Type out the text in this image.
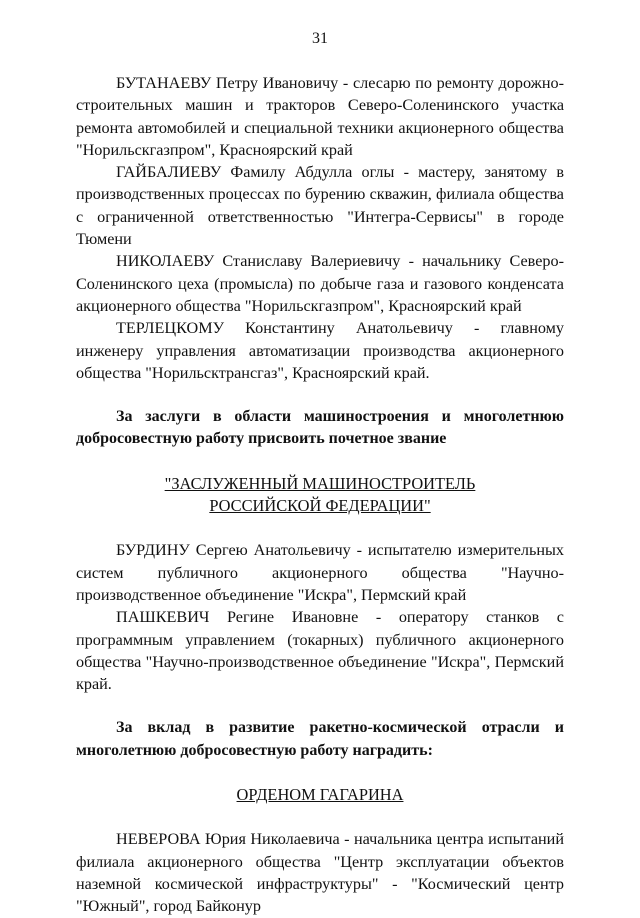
31

БУТАНАЕВУ Петру Ивановичу - слесарю по ремонту дорожно-строительных машин и тракторов Северо-Соленинского участка ремонта автомобилей и специальной техники акционерного общества "Норильскгазпром", Красноярский край

ГАЙБАЛИЕВУ Фамилу Абдулла оглы - мастеру, занятому в производственных процессах по бурению скважин, филиала общества с ограниченной ответственностью "Интегра-Сервисы" в городе Тюмени

НИКОЛАЕВУ Станиславу Валериевичу - начальнику Северо-Соленинского цеха (промысла) по добыче газа и газового конденсата акционерного общества "Норильскгазпром", Красноярский край

ТЕРЛЕЦКОМУ Константину Анатольевичу - главному инженеру управления автоматизации производства акционерного общества "Норильсктрансгаз", Красноярский край.

За заслуги в области машиностроения и многолетнюю добросовестную работу присвоить почетное звание

"ЗАСЛУЖЕННЫЙ МАШИНОСТРОИТЕЛЬ

РОССИЙСКОЙ ФЕДЕРАЦИИ"

БУРДИНУ Сергею Анатольевичу - испытателю измерительных систем публичного акционерного общества "Научно-производственное объединение "Искра", Пермский край

ПАШКЕВИЧ Регине Ивановне - оператору станков с программным управлением (токарных) публичного акционерного общества "Научно-производственное объединение "Искра", Пермский край.

За вклад в развитие ракетно-космической отрасли и многолетнюю добросовестную работу наградить:

ОРДЕНОМ ГАГАРИНА

НЕВЕРОВА Юрия Николаевича - начальника центра испытаний филиала акционерного общества "Центр эксплуатации объектов наземной космической инфраструктуры" - "Космический центр "Южный", город Байконур
